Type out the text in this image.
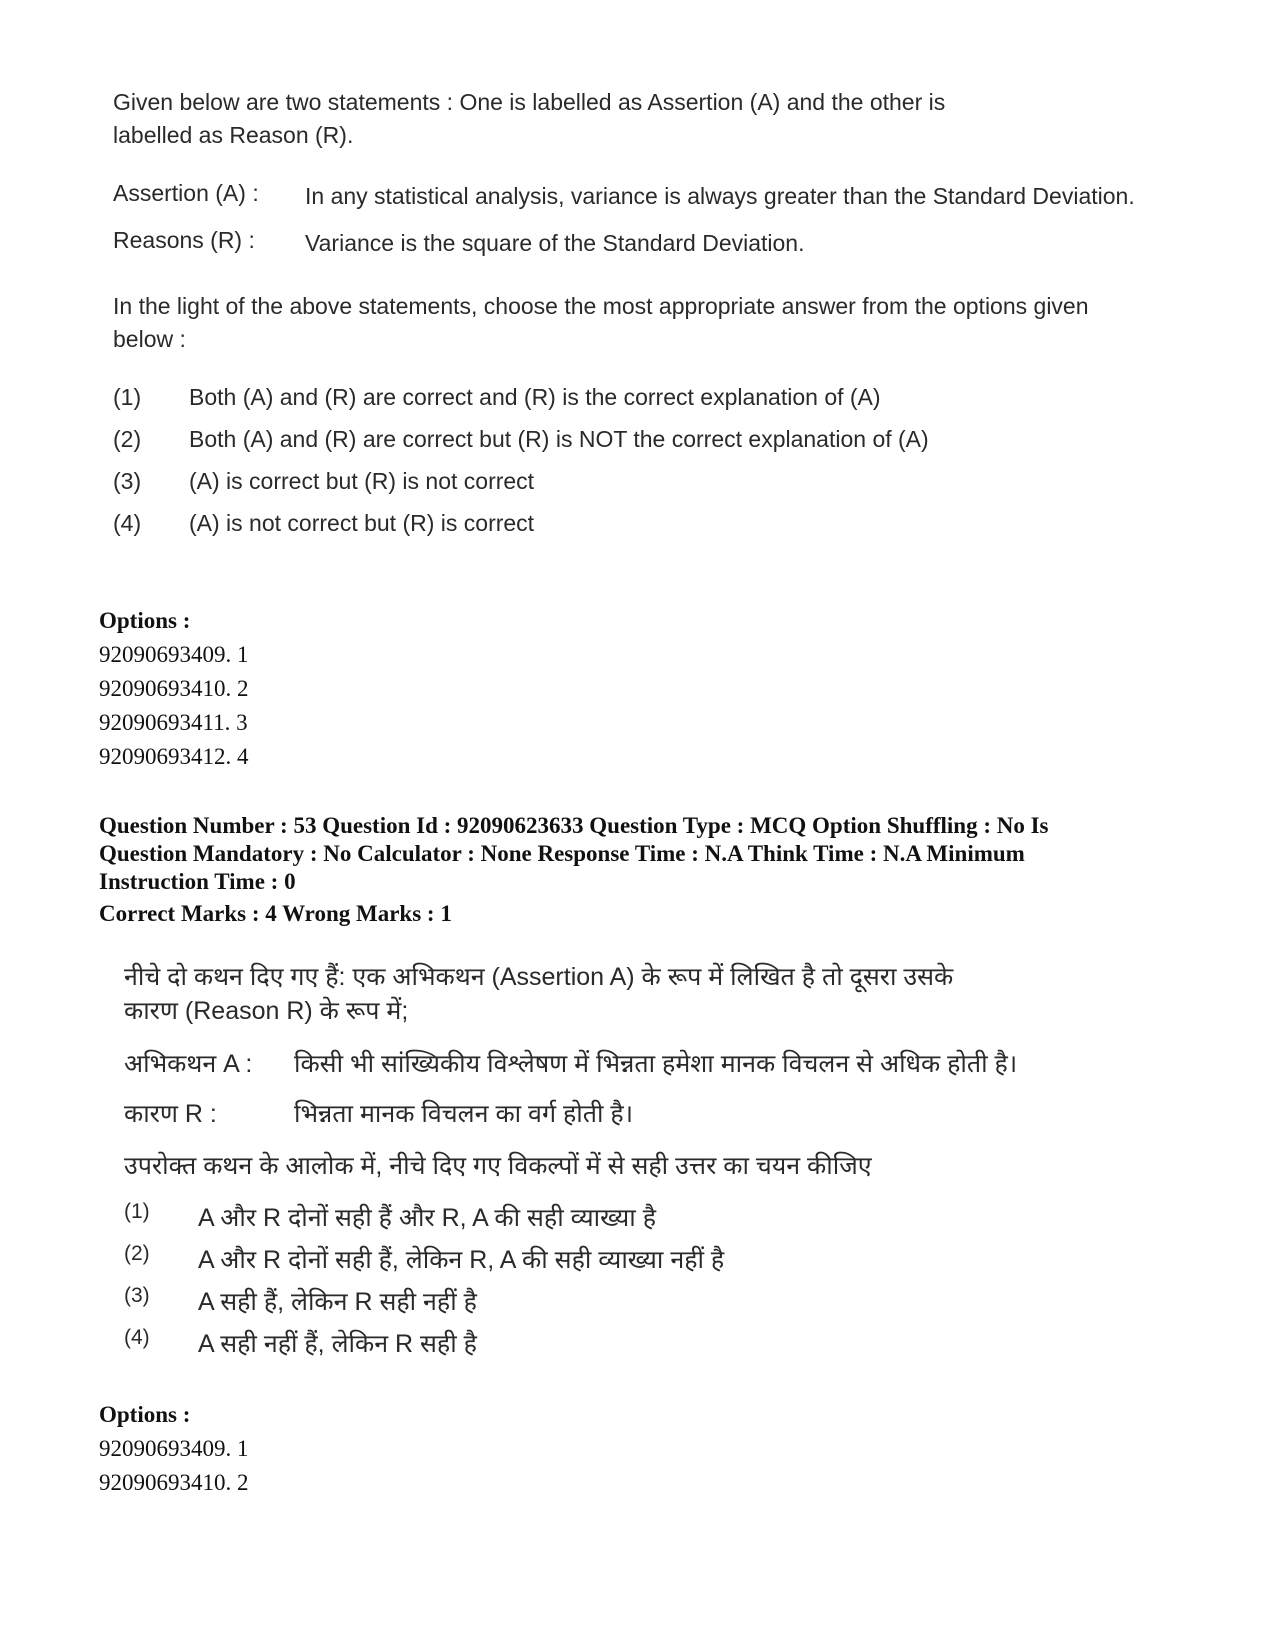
Given below are two statements : One is labelled as Assertion (A) and the other is labelled as Reason (R).

Assertion (A) :	In any statistical analysis, variance is always greater than the Standard Deviation.
Reasons (R) :	Variance is the square of the Standard Deviation.

In the light of the above statements, choose the most appropriate answer from the options given below :

(1)	Both (A) and (R) are correct and (R) is the correct explanation of (A)
(2)	Both (A) and (R) are correct but (R) is NOT the correct explanation of (A)
(3)	(A) is correct but (R) is not correct
(4)	(A) is not correct but (R) is correct
Options :
92090693409. 1
92090693410. 2
92090693411. 3
92090693412. 4
Question Number : 53 Question Id : 92090623633 Question Type : MCQ Option Shuffling : No Is
Question Mandatory : No Calculator : None Response Time : N.A Think Time : N.A Minimum
Instruction Time : 0
Correct Marks : 4 Wrong Marks : 1
नीचे दो कथन दिए गए हैं: एक अभिकथन (Assertion A) के रूप में लिखित है तो दूसरा उसके
कारण (Reason R) के रूप में;
अभिकथन A :	किसी भी सांख्यिकीय विश्लेषण में भिन्नता हमेशा मानक विचलन से अधिक होती है।
कारण R :	भिन्नता मानक विचलन का वर्ग होती है।
उपरोक्त कथन के आलोक में, नीचे दिए गए विकल्पों में से सही उत्तर का चयन कीजिए
(1)	A और R दोनों सही हैं और R, A की सही व्याख्या है
(2)	A और R दोनों सही हैं, लेकिन R, A की सही व्याख्या नहीं है
(3)	A सही हैं, लेकिन R सही नहीं है
(4)	A सही नहीं हैं, लेकिन R सही है
Options :
92090693409. 1
92090693410. 2
